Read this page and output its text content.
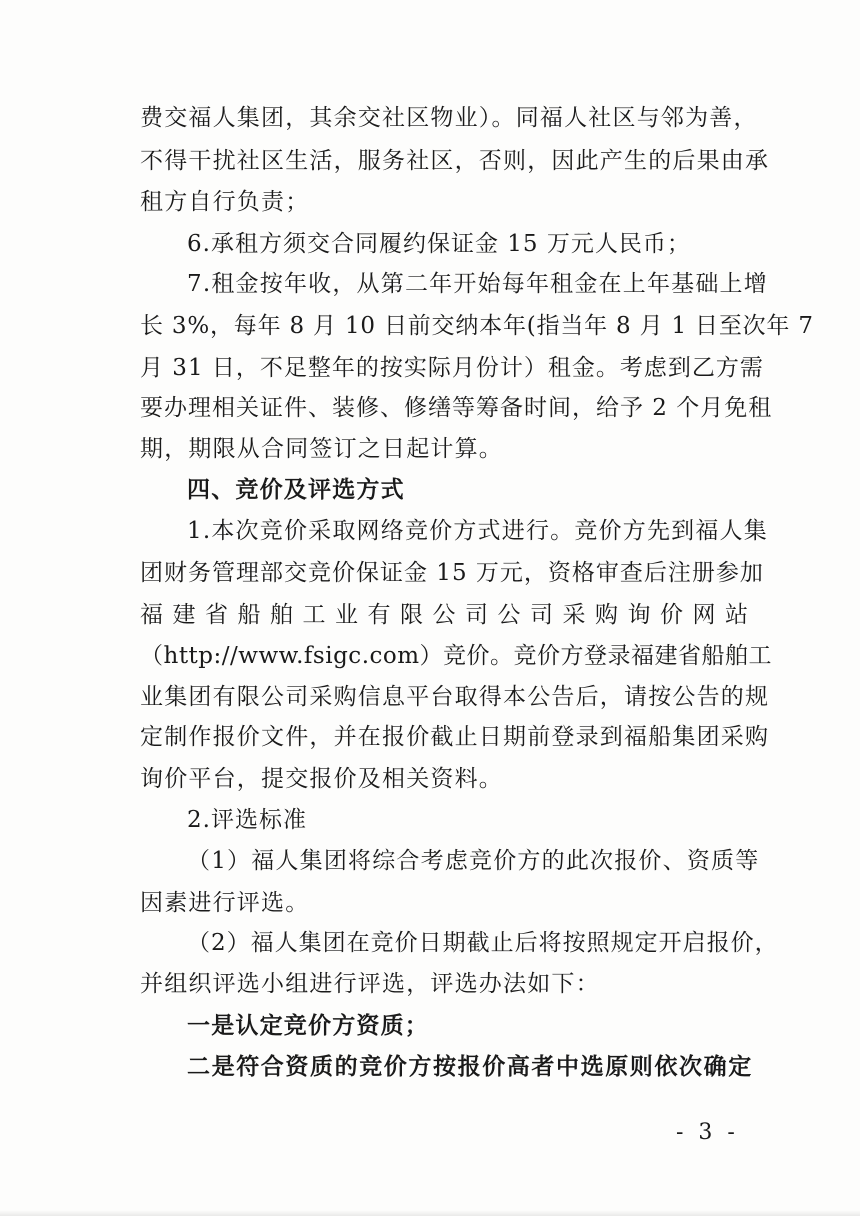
费交福人集团，其余交社区物业）。同福人社区与邻为善，
不得干扰社区生活，服务社区，否则，因此产生的后果由承
租方自行负责；
6.承租方须交合同履约保证金 15 万元人民币；
7.租金按年收，从第二年开始每年租金在上年基础上增
长 3%，每年 8 月 10 日前交纳本年(指当年 8 月 1 日至次年 7
月 31 日，不足整年的按实际月份计）租金。考虑到乙方需
要办理相关证件、装修、修缮等筹备时间，给予 2 个月免租
期，期限从合同签订之日起计算。
四、竞价及评选方式
1.本次竞价采取网络竞价方式进行。竞价方先到福人集
团财务管理部交竞价保证金 15 万元，资格审查后注册参加
福建省船舶工业有限公司公司采购询价网站
（http://www.fsigc.com）竞价。竞价方登录福建省船舶工
业集团有限公司采购信息平台取得本公告后，请按公告的规
定制作报价文件，并在报价截止日期前登录到福船集团采购
询价平台，提交报价及相关资料。
2.评选标准
（1）福人集团将综合考虑竞价方的此次报价、资质等
因素进行评选。
（2）福人集团在竞价日期截止后将按照规定开启报价，
并组织评选小组进行评选，评选办法如下：
一是认定竞价方资质；
二是符合资质的竞价方按报价高者中选原则依次确定
- 3 -
